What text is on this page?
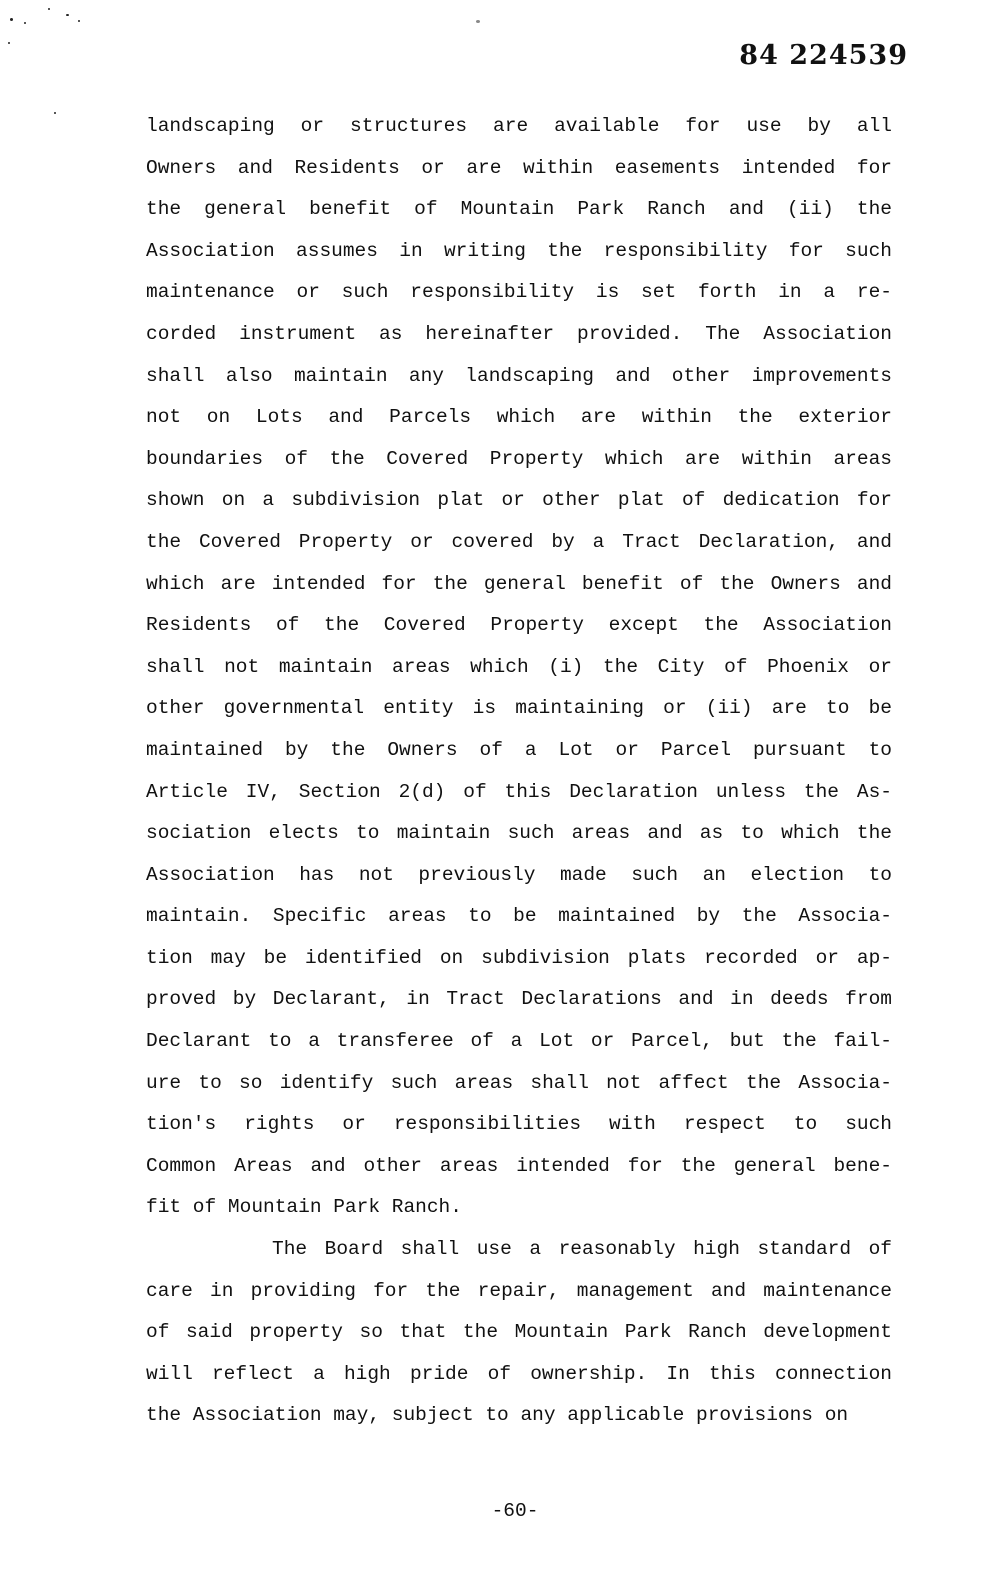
84 224539
landscaping or structures are available for use by all
Owners and Residents or are within easements intended for
the general benefit of Mountain Park Ranch and (ii) the
Association assumes in writing the responsibility for such
maintenance or such responsibility is set forth in a re-
corded instrument as hereinafter provided. The Association
shall also maintain any landscaping and other improvements
not on Lots and Parcels which are within the exterior
boundaries of the Covered Property which are within areas
shown on a subdivision plat or other plat of dedication for
the Covered Property or covered by a Tract Declaration, and
which are intended for the general benefit of the Owners and
Residents of the Covered Property except the Association
shall not maintain areas which (i) the City of Phoenix or
other governmental entity is maintaining or (ii) are to be
maintained by the Owners of a Lot or Parcel pursuant to
Article IV, Section 2(d) of this Declaration unless the As-
sociation elects to maintain such areas and as to which the
Association has not previously made such an election to
maintain. Specific areas to be maintained by the Associa-
tion may be identified on subdivision plats recorded or ap-
proved by Declarant, in Tract Declarations and in deeds from
Declarant to a transferee of a Lot or Parcel, but the fail-
ure to so identify such areas shall not affect the Associa-
tion's rights or responsibilities with respect to such
Common Areas and other areas intended for the general bene-
fit of Mountain Park Ranch.
The Board shall use a reasonably high standard of
care in providing for the repair, management and maintenance
of said property so that the Mountain Park Ranch development
will reflect a high pride of ownership. In this connection
the Association may, subject to any applicable provisions on
-60-
